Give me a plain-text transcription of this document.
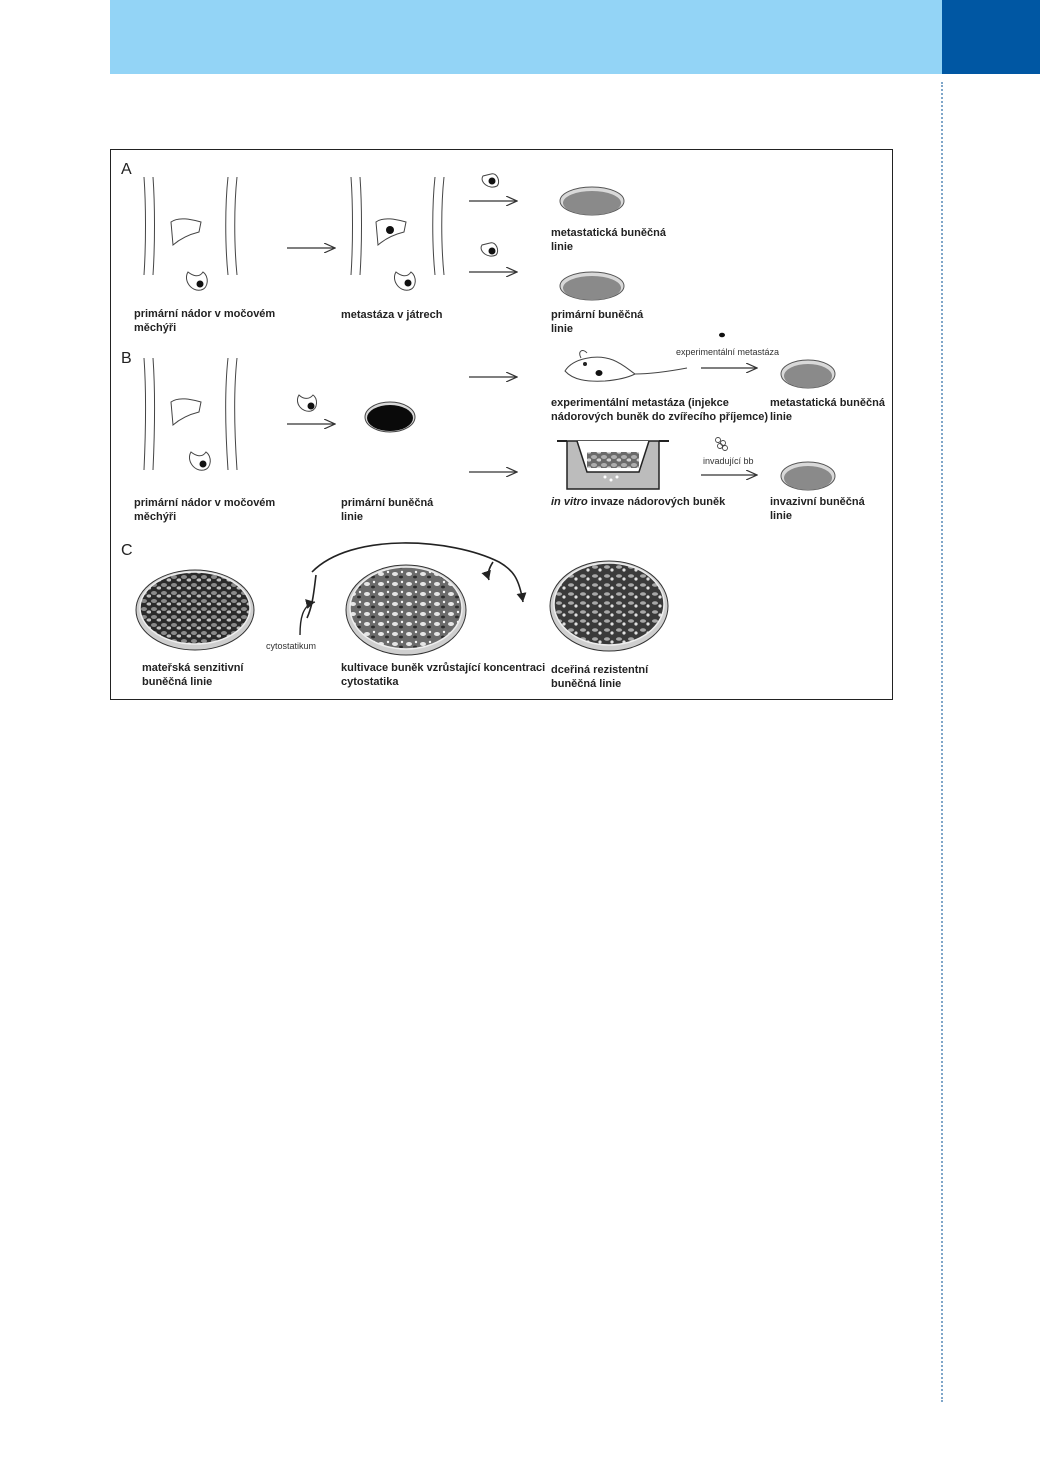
A
B
C
primární nádor v močovém
měchýři
metastáza v játrech
metastatická buněčná
linie
primární buněčná
linie
primární nádor v močovém
měchýři
primární buněčná
linie
experimentální metastáza (injekce
nádorových buněk do zvířecího příjemce)
experimentální metastáza
metastatická buněčná
linie
in vitro invaze nádorových buněk
invadující bb
invazivní buněčná
linie
mateřská senzitivní
buněčná linie
cytostatikum
kultivace buněk vzrůstající koncentraci
cytostatika
dceřiná rezistentní
buněčná linie
